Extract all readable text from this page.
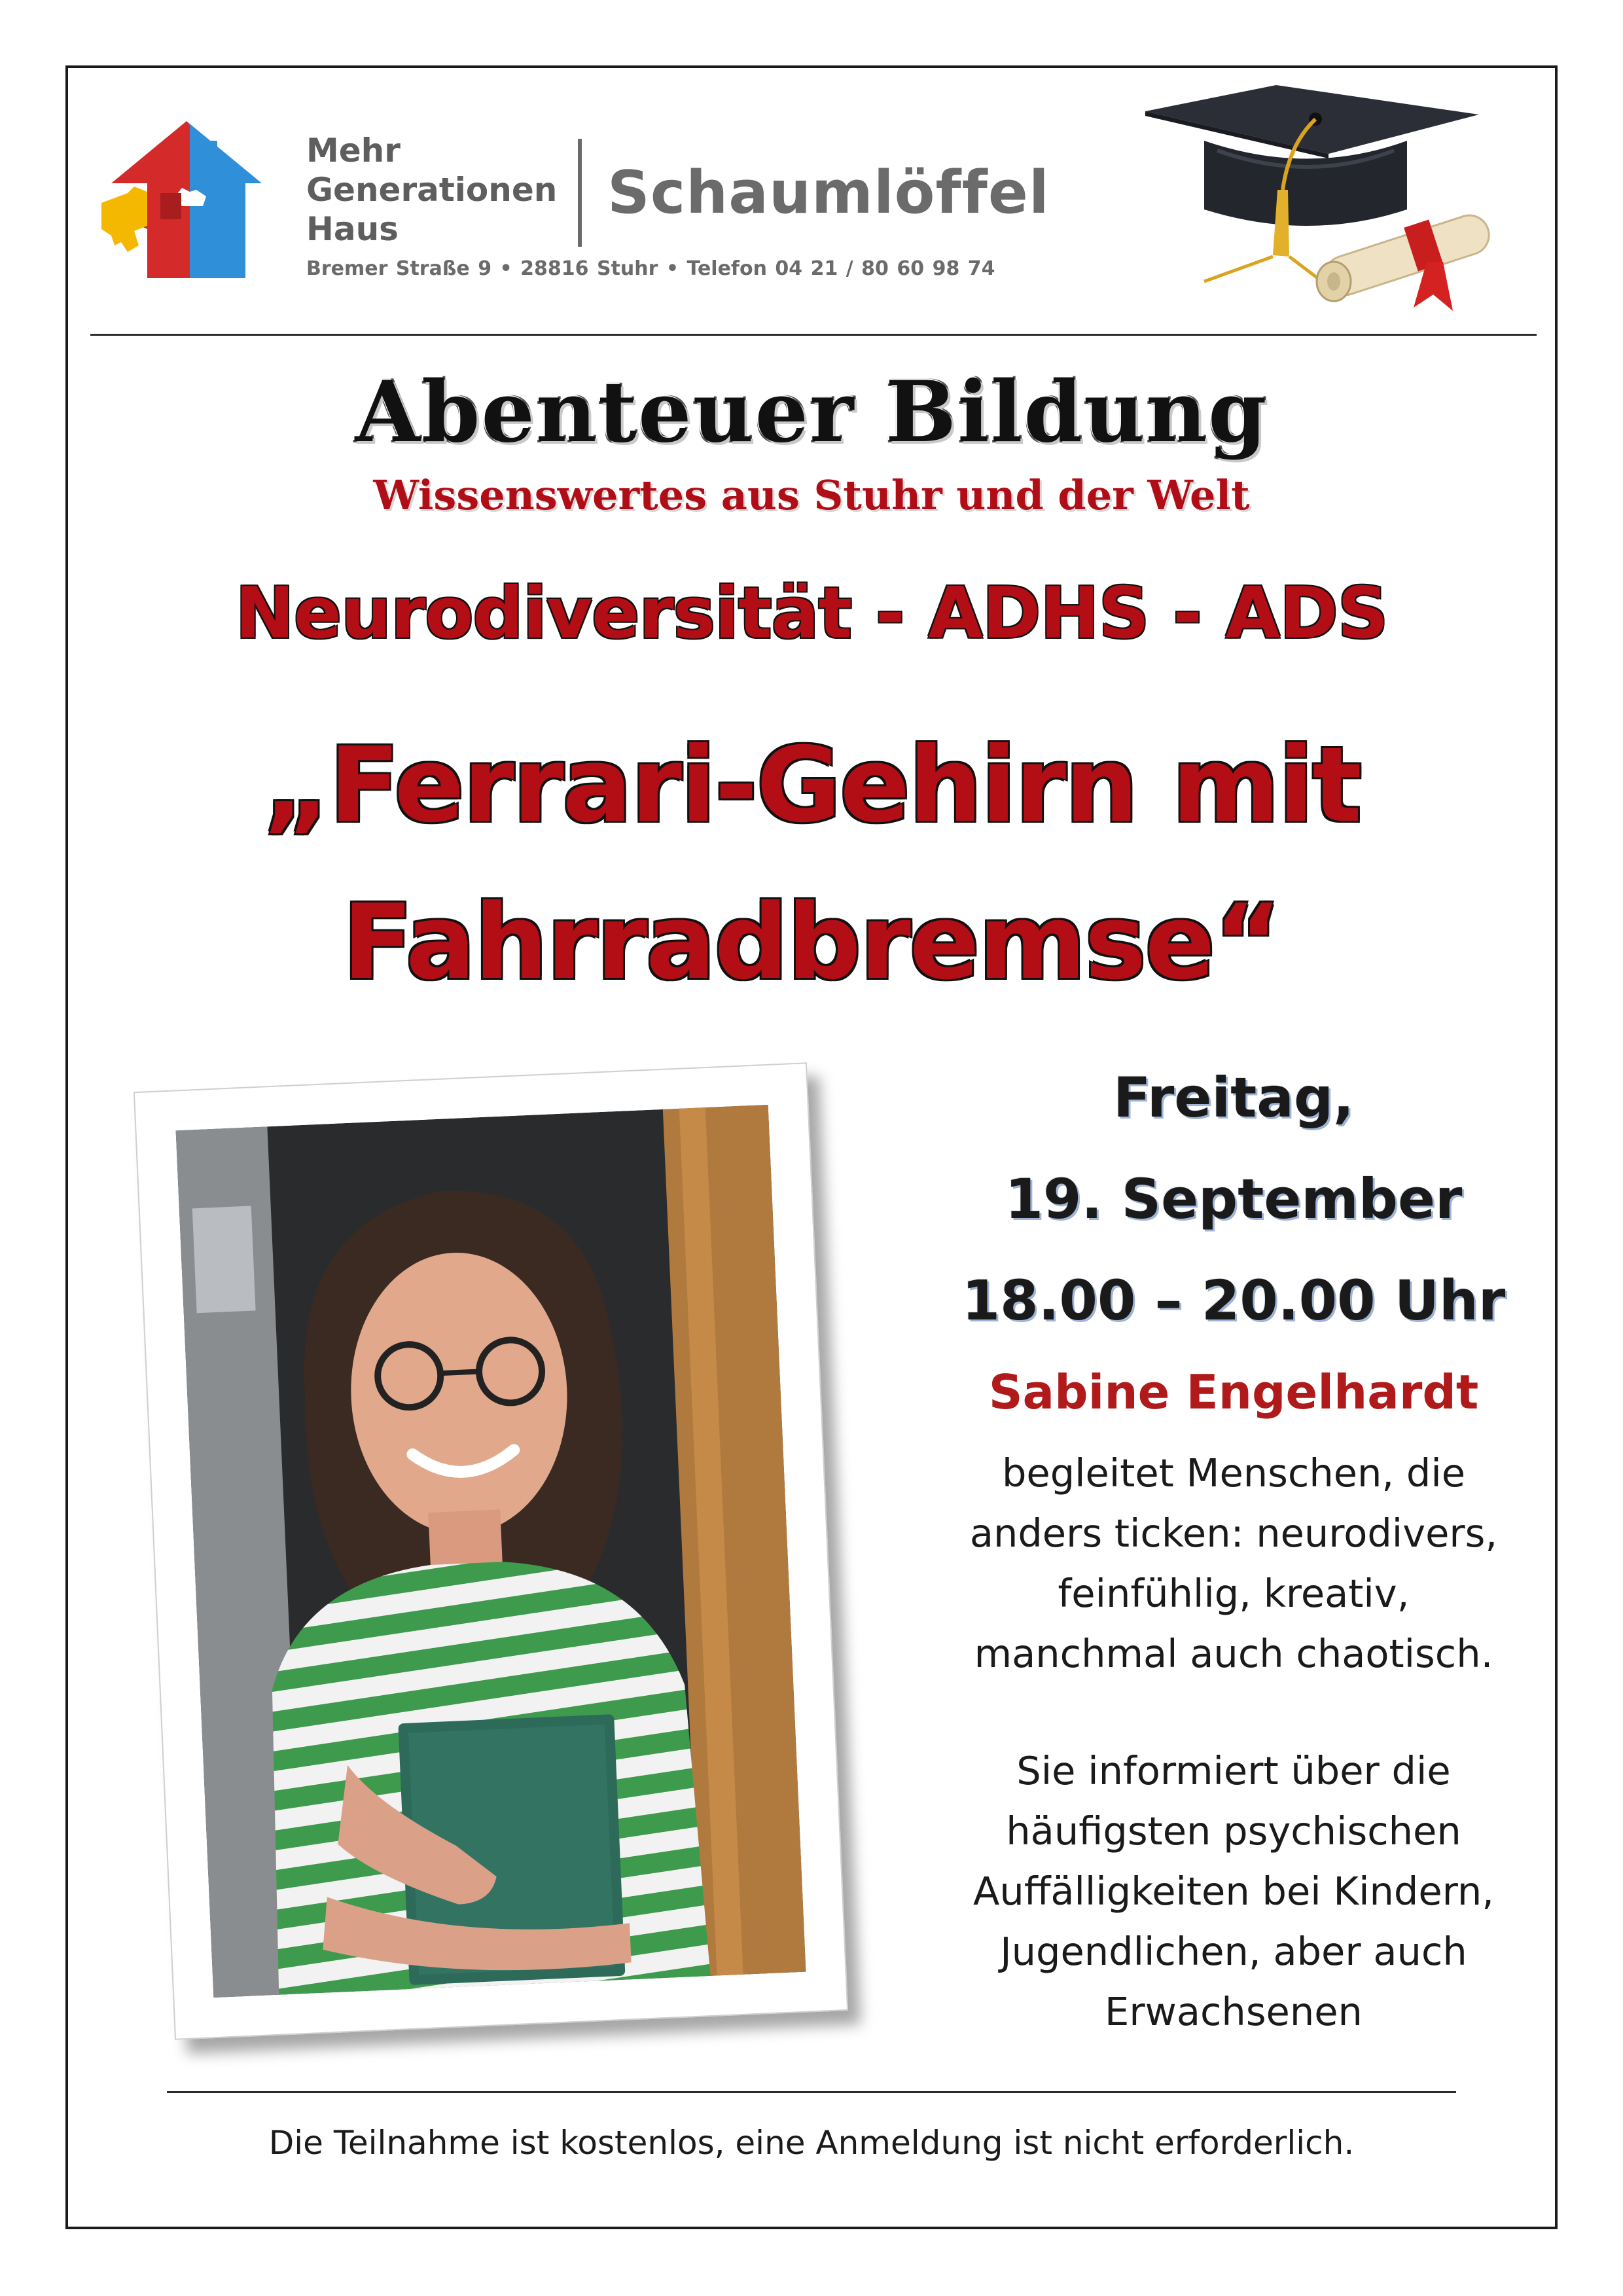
Mehr
Generationen
Haus
Schaumlöffel
Bremer Straße 9 • 28816 Stuhr • Telefon 04 21 / 80 60 98 74
Abenteuer Bildung
Wissenswertes aus Stuhr und der Welt
Neurodiversität - ADHS - ADS
„Ferrari-Gehirn mit
Fahrradbremse“
Freitag,
19. September
18.00 – 20.00 Uhr
Sabine Engelhardt
begleitet Menschen, die
anders ticken: neurodivers,
feinfühlig, kreativ,
manchmal auch chaotisch.
Sie informiert über die
häufigsten psychischen
Auffälligkeiten bei Kindern,
Jugendlichen, aber auch
Erwachsenen
Die Teilnahme ist kostenlos, eine Anmeldung ist nicht erforderlich.
